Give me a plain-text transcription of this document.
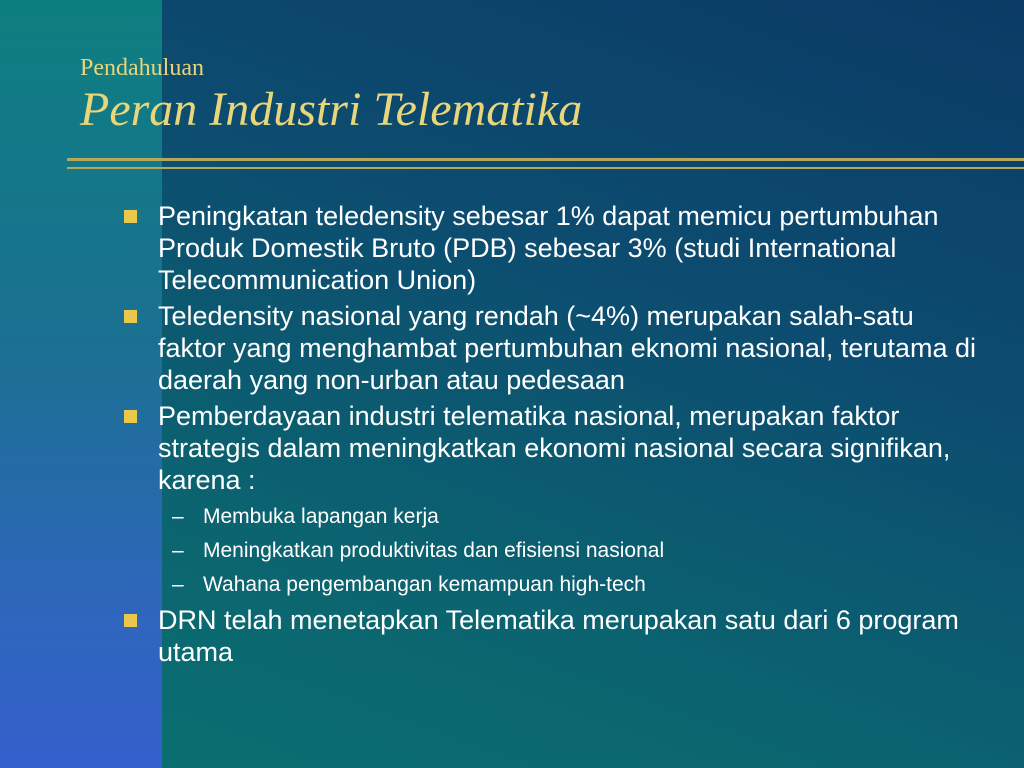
Pendahuluan
Peran Industri Telematika
Peningkatan teledensity sebesar 1% dapat memicu pertumbuhan Produk Domestik Bruto (PDB) sebesar 3% (studi International Telecommunication Union)
Teledensity nasional yang rendah (~4%) merupakan salah-satu faktor yang menghambat pertumbuhan eknomi nasional, terutama di daerah yang non-urban atau pedesaan
Pemberdayaan industri telematika nasional, merupakan faktor strategis dalam meningkatkan ekonomi nasional secara signifikan, karena :
– Membuka lapangan kerja
– Meningkatkan produktivitas dan efisiensi nasional
– Wahana pengembangan kemampuan high-tech
DRN telah menetapkan Telematika merupakan satu dari 6 program utama
